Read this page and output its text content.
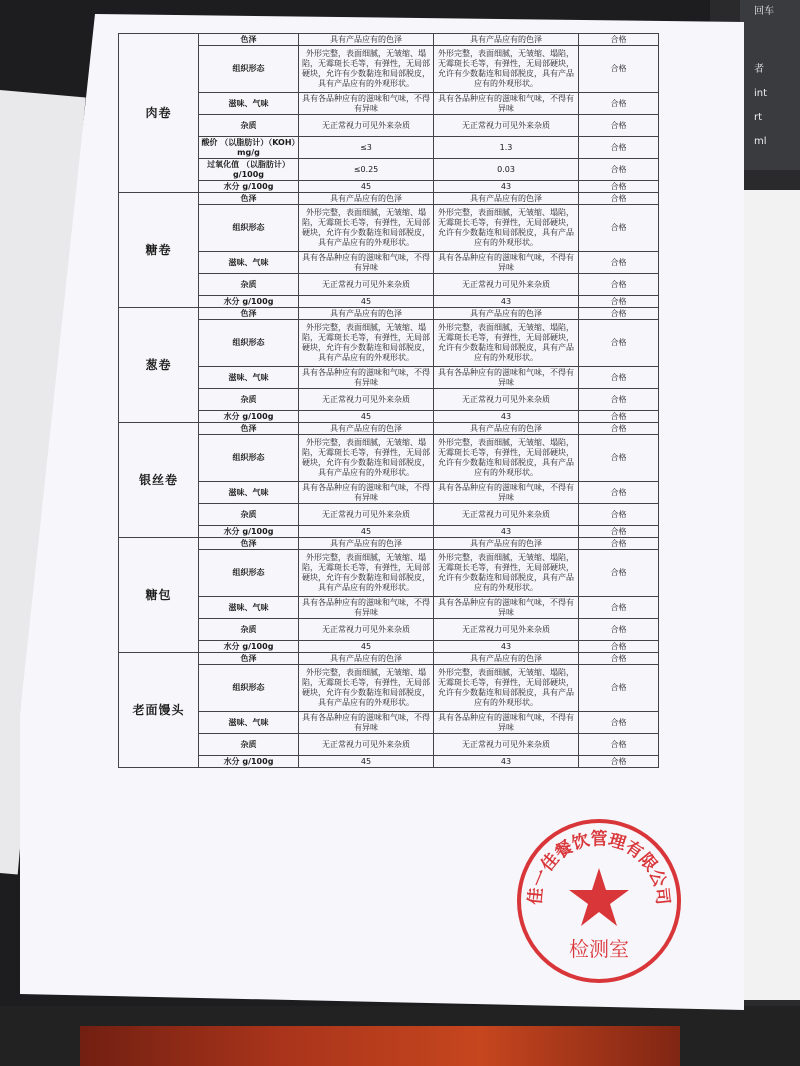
回车
者
int
rt
ml
肉卷	色泽	具有产品应有的色泽	具有产品应有的色泽	合格
	组织形态	外形完整，表面细腻，无皱缩、塌陷，无霉斑长毛等，有弹性，无局部硬块，允许有少数黏连和局部脱皮，具有产品应有的外观形状。	外形完整，表面细腻，无皱缩、塌陷，无霉斑长毛等，有弹性，无局部硬块，允许有少数黏连和局部脱皮，具有产品应有的外观形状。	合格
	滋味、气味	具有各品种应有的滋味和气味，不得有异味	具有各品种应有的滋味和气味，不得有异味	合格
	杂质	无正常视力可见外来杂质	无正常视力可见外来杂质	合格
	酸价 （以脂肪计）（KOH）mg/g	≤3	1.3	合格
	过氧化值 （以脂肪计）g/100g	≤0.25	0.03	合格
	水分 g/100g	45	43	合格
糖卷	色泽	具有产品应有的色泽	具有产品应有的色泽	合格
	组织形态	外形完整，表面细腻，无皱缩、塌陷，无霉斑长毛等，有弹性，无局部硬块，允许有少数黏连和局部脱皮，具有产品应有的外观形状。	外形完整，表面细腻，无皱缩、塌陷，无霉斑长毛等，有弹性，无局部硬块，允许有少数黏连和局部脱皮，具有产品应有的外观形状。	合格
	滋味、气味	具有各品种应有的滋味和气味，不得有异味	具有各品种应有的滋味和气味，不得有异味	合格
	杂质	无正常视力可见外来杂质	无正常视力可见外来杂质	合格
	水分 g/100g	45	43	合格
葱卷	色泽	具有产品应有的色泽	具有产品应有的色泽	合格
	组织形态	外形完整，表面细腻，无皱缩、塌陷，无霉斑长毛等，有弹性，无局部硬块，允许有少数黏连和局部脱皮，具有产品应有的外观形状。	外形完整，表面细腻，无皱缩、塌陷，无霉斑长毛等，有弹性，无局部硬块，允许有少数黏连和局部脱皮，具有产品应有的外观形状。	合格
	滋味、气味	具有各品种应有的滋味和气味，不得有异味	具有各品种应有的滋味和气味，不得有异味	合格
	杂质	无正常视力可见外来杂质	无正常视力可见外来杂质	合格
	水分 g/100g	45	43	合格
银丝卷	色泽	具有产品应有的色泽	具有产品应有的色泽	合格
	组织形态	外形完整，表面细腻，无皱缩、塌陷，无霉斑长毛等，有弹性，无局部硬块，允许有少数黏连和局部脱皮，具有产品应有的外观形状。	外形完整，表面细腻，无皱缩、塌陷，无霉斑长毛等，有弹性，无局部硬块，允许有少数黏连和局部脱皮，具有产品应有的外观形状。	合格
	滋味、气味	具有各品种应有的滋味和气味，不得有异味	具有各品种应有的滋味和气味，不得有异味	合格
	杂质	无正常视力可见外来杂质	无正常视力可见外来杂质	合格
	水分 g/100g	45	43	合格
糖包	色泽	具有产品应有的色泽	具有产品应有的色泽	合格
	组织形态	外形完整，表面细腻，无皱缩、塌陷，无霉斑长毛等，有弹性，无局部硬块，允许有少数黏连和局部脱皮，具有产品应有的外观形状。	外形完整，表面细腻，无皱缩、塌陷，无霉斑长毛等，有弹性，无局部硬块，允许有少数黏连和局部脱皮，具有产品应有的外观形状。	合格
	滋味、气味	具有各品种应有的滋味和气味，不得有异味	具有各品种应有的滋味和气味，不得有异味	合格
	杂质	无正常视力可见外来杂质	无正常视力可见外来杂质	合格
	水分 g/100g	45	43	合格
老面馒头	色泽	具有产品应有的色泽	具有产品应有的色泽	合格
	组织形态	外形完整，表面细腻，无皱缩、塌陷，无霉斑长毛等，有弹性，无局部硬块，允许有少数黏连和局部脱皮，具有产品应有的外观形状。	外形完整，表面细腻，无皱缩、塌陷，无霉斑长毛等，有弹性，无局部硬块，允许有少数黏连和局部脱皮，具有产品应有的外观形状。	合格
	滋味、气味	具有各品种应有的滋味和气味，不得有异味	具有各品种应有的滋味和气味，不得有异味	合格
	杂质	无正常视力可见外来杂质	无正常视力可见外来杂质	合格
	水分 g/100g	45	43	合格
佳一佳餐饮管理有限公司
检测室
